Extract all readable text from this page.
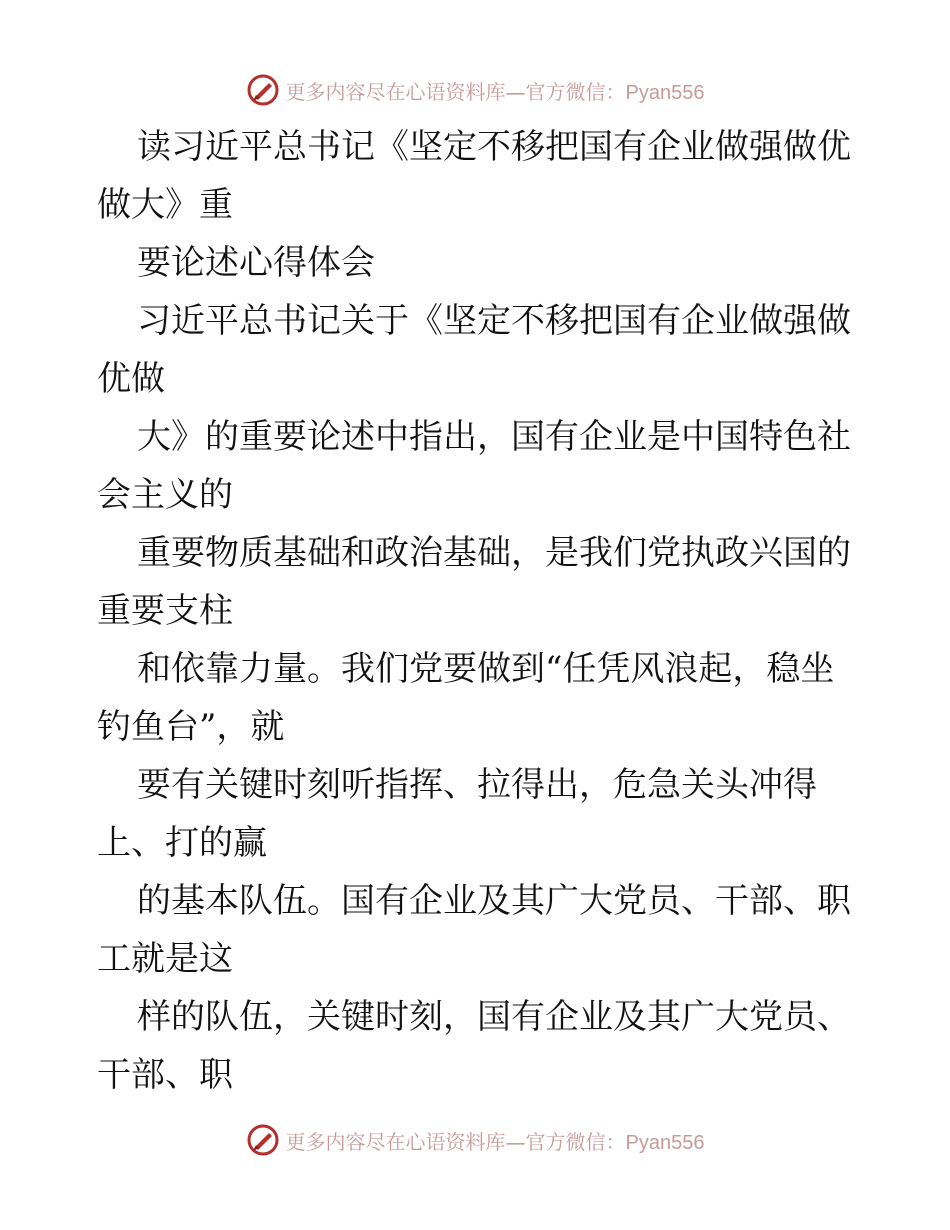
更多内容尽在心语资料库—官方微信：Pyan556
读习近平总书记《坚定不移把国有企业做强做优
做大》重
要论述心得体会
习近平总书记关于《坚定不移把国有企业做强做
优做
大》的重要论述中指出，国有企业是中国特色社
会主义的
重要物质基础和政治基础，是我们党执政兴国的
重要支柱
和依靠力量。我们党要做到“任凭风浪起，稳坐
钓鱼台”，就
要有关键时刻听指挥、拉得出，危急关头冲得
上、打的赢
的基本队伍。国有企业及其广大党员、干部、职
工就是这
样的队伍，关键时刻，国有企业及其广大党员、
干部、职
更多内容尽在心语资料库—官方微信：Pyan556
